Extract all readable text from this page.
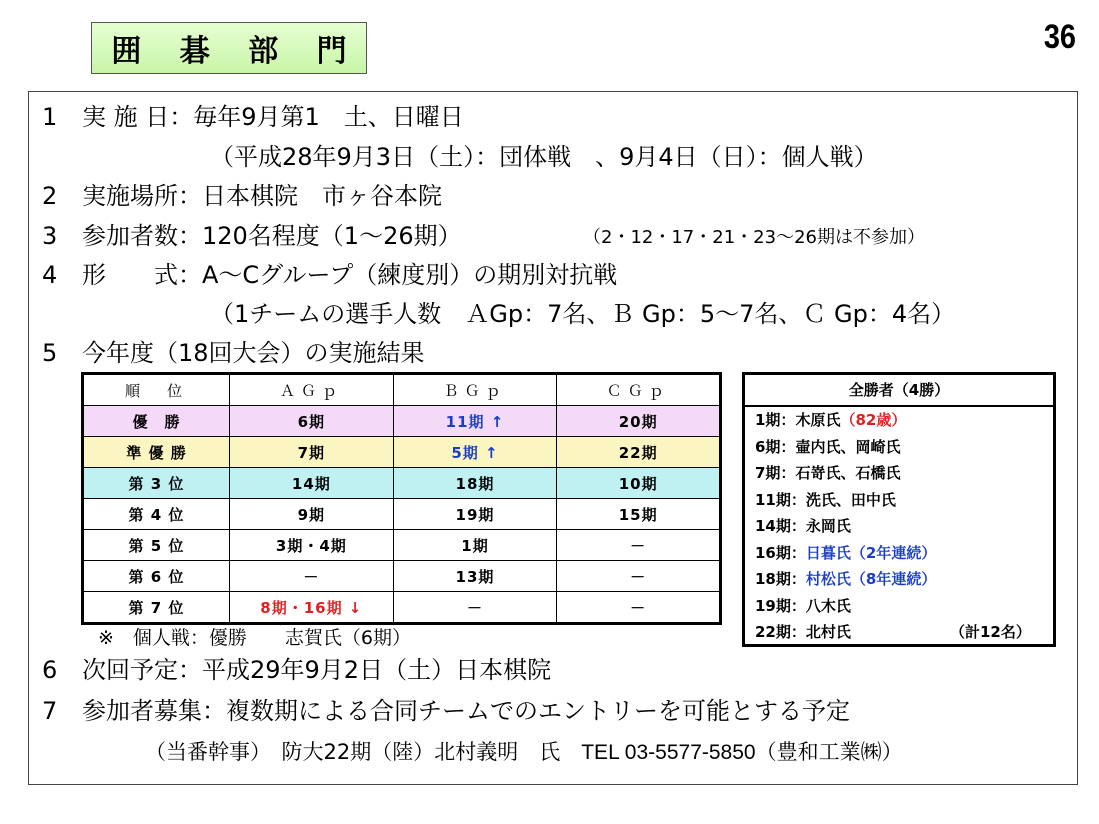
囲 碁 部 門	36
1 実 施 日：毎年9月第1　土、日曜日
（平成28年9月3日（土）：団体戦　、9月4日（日）：個人戦）
2 実施場所：日本棋院　市ヶ谷本院
3 参加者数：120名程度（1～26期）	（2・12・17・21・23～26期は不参加）
4 形　　式：A～Cグループ（練度別）の期別対抗戦
（1チームの選手人数　ＡGp：7名、Ｂ Gp：5～7名、Ｃ Gp：4名）
5 今年度（18回大会）の実施結果
順　位	ＡＧｐ	ＢＧｐ	ＣＧｐ
優　勝	6期	11期 ↑	20期
準 優 勝	7期	5期 ↑	22期
第 3 位	14期	18期	10期
第 4 位	9期	19期	15期
第 5 位	3期・4期	1期	－
第 6 位	－	13期	－
第 7 位	8期・16期 ↓	－	－
※　個人戦：優勝　　志賀氏（6期）
全勝者（4勝）
1期：木原氏（82歳）
6期：壷内氏、岡崎氏
7期：石嵜氏、石橋氏
11期：洗氏、田中氏
14期：永岡氏
16期：日暮氏（2年連続）
18期：村松氏（8年連続）
19期：八木氏
22期：北村氏	（計12名）
6 次回予定：平成29年9月2日（土）日本棋院
7 参加者募集：複数期による合同チームでのエントリーを可能とする予定
（当番幹事）　防大22期（陸）北村義明　氏　 TEL 03-5577-5850（豊和工業㈱）
